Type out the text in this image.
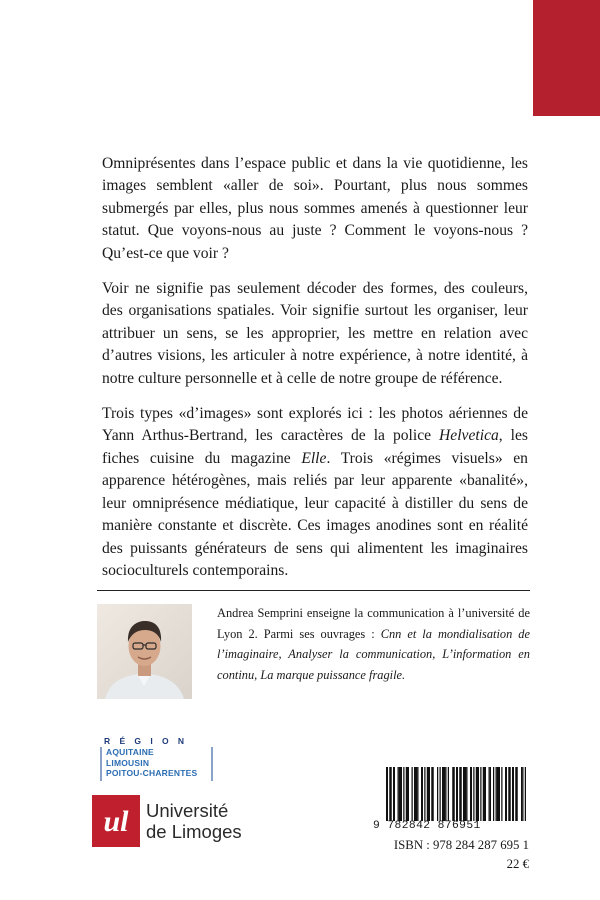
Omniprésentes dans l’espace public et dans la vie quotidienne, les images semblent «aller de soi». Pourtant, plus nous sommes submergés par elles, plus nous sommes amenés à questionner leur statut. Que voyons-nous au juste ? Comment le voyons-nous ? Qu’est-ce que voir ?

Voir ne signifie pas seulement décoder des formes, des couleurs, des organisations spatiales. Voir signifie surtout les organiser, leur attribuer un sens, se les approprier, les mettre en relation avec d’autres visions, les articuler à notre expérience, à notre identité, à notre culture personnelle et à celle de notre groupe de référence.

Trois types «d’images» sont explorés ici : les photos aériennes de Yann Arthus-Bertrand, les caractères de la police Helvetica, les fiches cuisine du magazine Elle. Trois «régimes visuels» en apparence hétérogènes, mais reliés par leur apparente «banalité», leur omniprésence médiatique, leur capacité à distiller du sens de manière constante et discrète. Ces images anodines sont en réalité des puissants générateurs de sens qui alimentent les imaginaires socioculturels contemporains.

Andrea Semprini enseigne la communication à l’université de Lyon 2. Parmi ses ouvrages : Cnn et la mondialisation de l’imaginaire, Analyser la communication, L’information en continu, La marque puissance fragile.
RÉGION
AQUITAINE
LIMOUSIN
POITOU-CHARENTES
ul Université
de Limoges	9 782842 876951
ISBN : 978 284 287 695 1
22 €
